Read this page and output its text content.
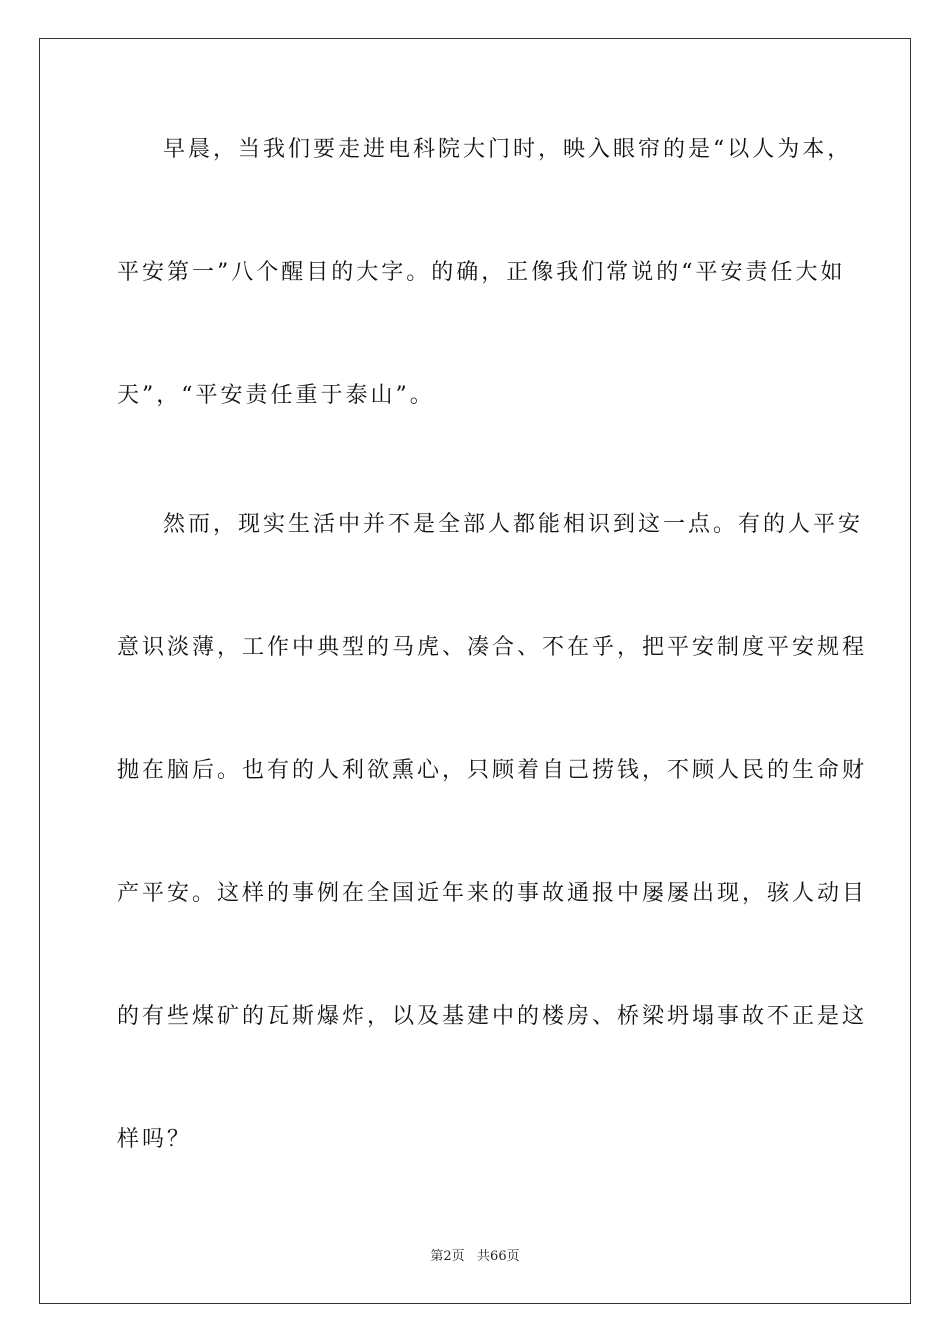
早晨，当我们要走进电科院大门时，映入眼帘的是“以人为本，
平安第一”八个醒目的大字。的确，正像我们常说的“平安责任大如
天”，“平安责任重于泰山”。
然而，现实生活中并不是全部人都能相识到这一点。有的人平安
意识淡薄，工作中典型的马虎、凑合、不在乎，把平安制度平安规程
抛在脑后。也有的人利欲熏心，只顾着自己捞钱，不顾人民的生命财
产平安。这样的事例在全国近年来的事故通报中屡屡出现，骇人动目
的有些煤矿的瓦斯爆炸，以及基建中的楼房、桥梁坍塌事故不正是这
样吗？
第2页   共66页
